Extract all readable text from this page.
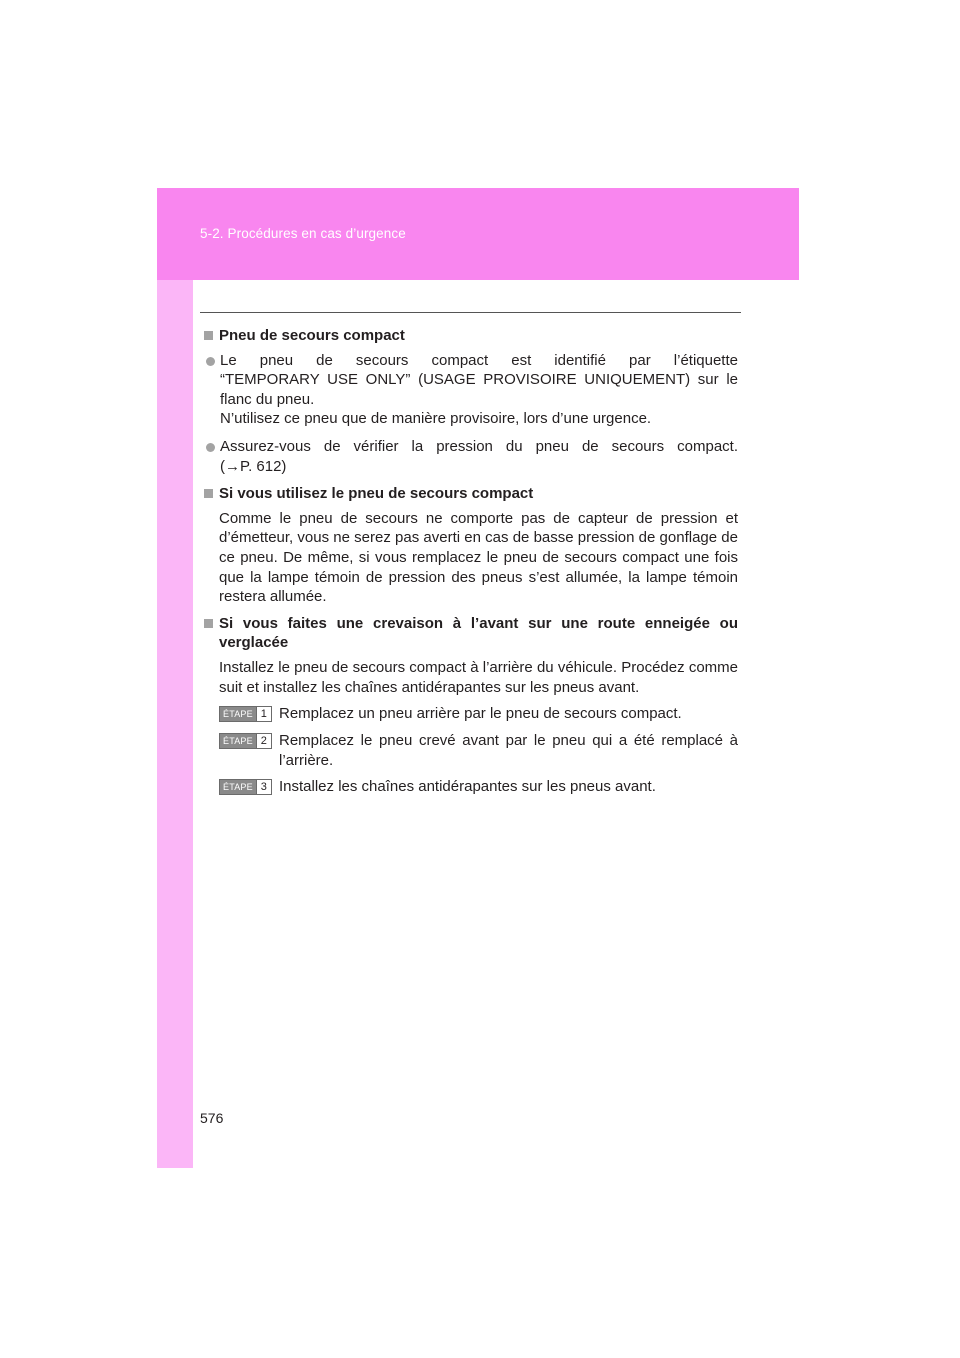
5-2. Procédures en cas d’urgence
Pneu de secours compact

Le pneu de secours compact est identifié par l’étiquette

“TEMPORARY USE ONLY” (USAGE PROVISOIRE UNIQUEMENT) sur le flanc du pneu.

N’utilisez ce pneu que de manière provisoire, lors d’une urgence.

Assurez-vous de vérifier la pression du pneu de secours compact.

(→P. 612)

Si vous utilisez le pneu de secours compact

Comme le pneu de secours ne comporte pas de capteur de pression et d’émetteur, vous ne serez pas averti en cas de basse pression de gonflage de ce pneu. De même, si vous remplacez le pneu de secours compact une fois que la lampe témoin de pression des pneus s’est allumée, la lampe témoin restera allumée.

Si vous faites une crevaison à l’avant sur une route enneigée ou verglacée

Installez le pneu de secours compact à l’arrière du véhicule. Procédez comme suit et installez les chaînes antidérapantes sur les pneus avant.

ÉTAPE 1 Remplacez un pneu arrière par le pneu de secours compact.

ÉTAPE 2 Remplacez le pneu crevé avant par le pneu qui a été remplacé à l’arrière.

ÉTAPE 3 Installez les chaînes antidérapantes sur les pneus avant.

576
